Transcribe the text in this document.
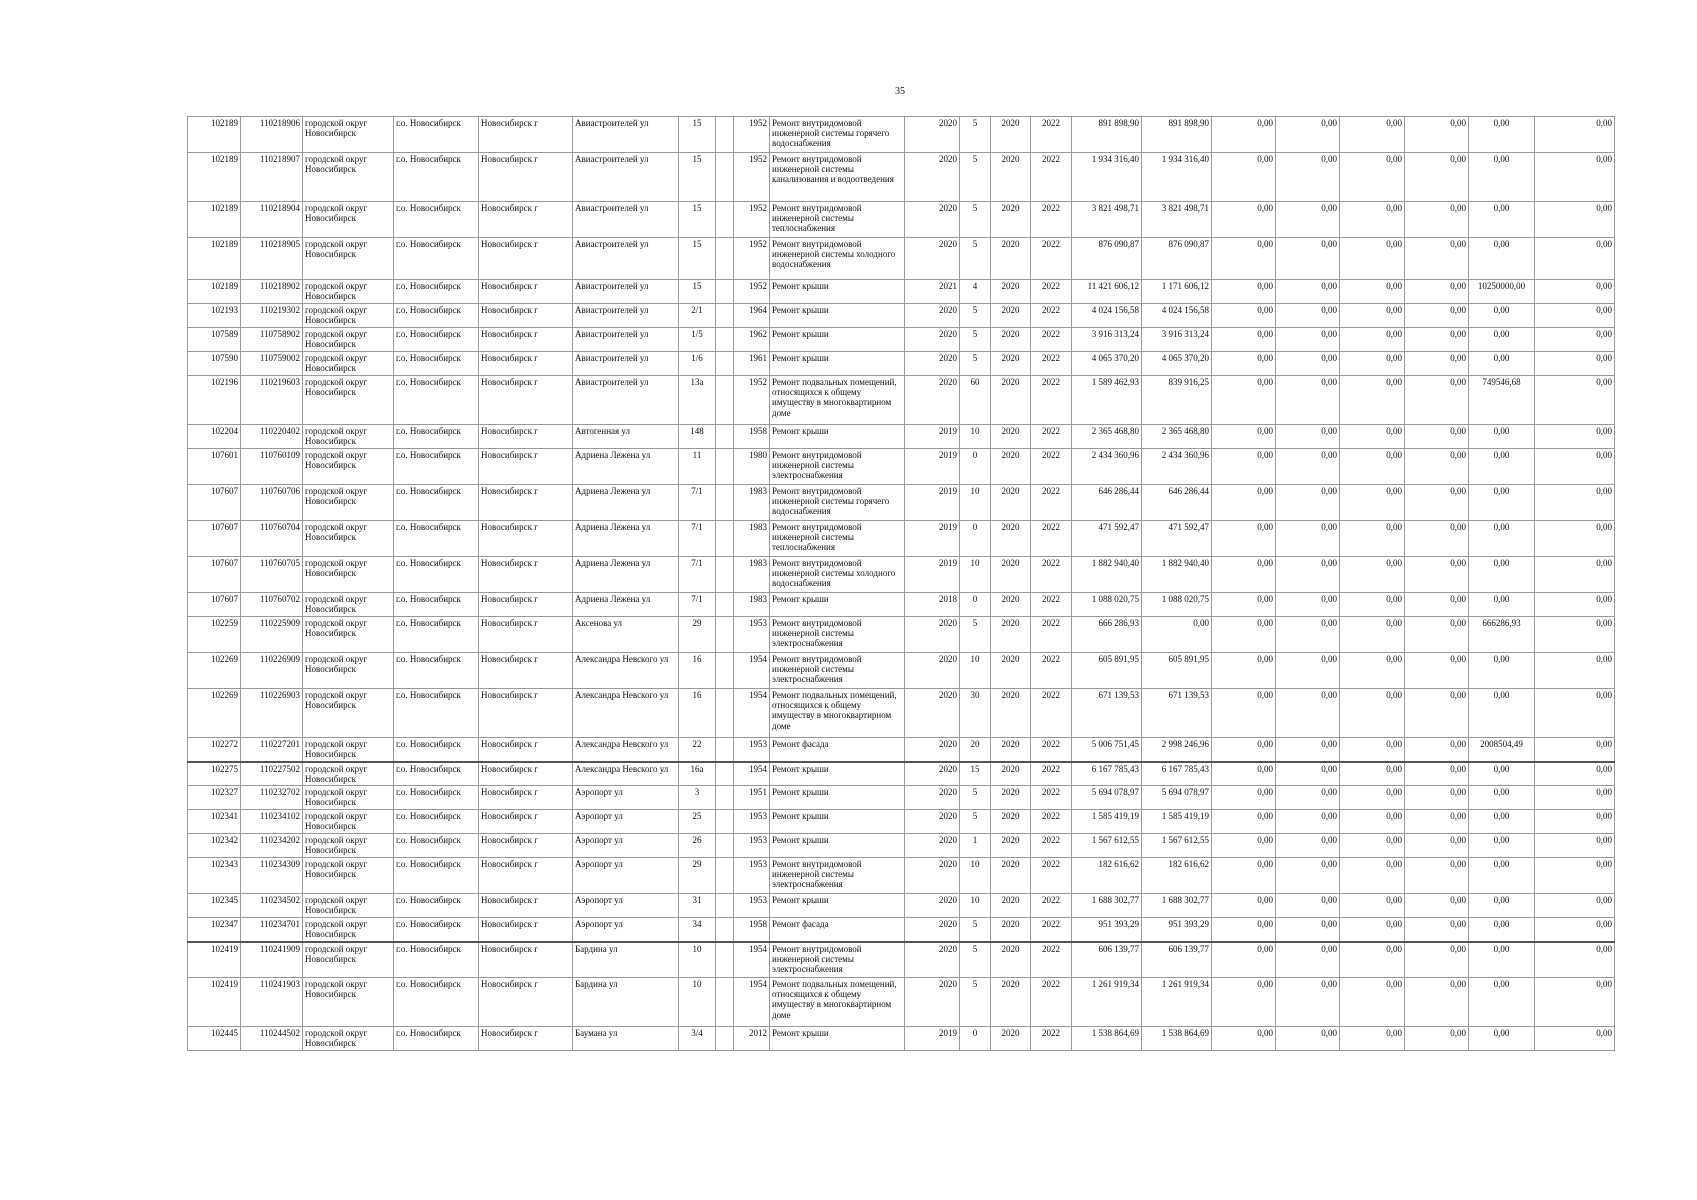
35
102189	110218906	городской округ Новосибирск	г.о. Новосибирск	Новосибирск г	Авиастроителей ул	15		1952	Ремонт внутридомовой инженерной системы горячего водоснабжения	2020	5	2020	2022	891 898,90	891 898,90	0,00	0,00	0,00	0,00	0,00	0,00
102189	110218907	городской округ Новосибирск	г.о. Новосибирск	Новосибирск г	Авиастроителей ул	15		1952	Ремонт внутридомовой инженерной системы канализования и водоотведения	2020	5	2020	2022	1 934 316,40	1 934 316,40	0,00	0,00	0,00	0,00	0,00	0,00
102189	110218904	городской округ Новосибирск	г.о. Новосибирск	Новосибирск г	Авиастроителей ул	15		1952	Ремонт внутридомовой инженерной системы теплоснабжения	2020	5	2020	2022	3 821 498,71	3 821 498,71	0,00	0,00	0,00	0,00	0,00	0,00
102189	110218905	городской округ Новосибирск	г.о. Новосибирск	Новосибирск г	Авиастроителей ул	15		1952	Ремонт внутридомовой инженерной системы холодного водоснабжения	2020	5	2020	2022	876 090,87	876 090,87	0,00	0,00	0,00	0,00	0,00	0,00
102189	110218902	городской округ Новосибирск	г.о. Новосибирск	Новосибирск г	Авиастроителей ул	15		1952	Ремонт крыши	2021	4	2020	2022	11 421 606,12	1 171 606,12	0,00	0,00	0,00	0,00	10250000,00	0,00
102193	110219302	городской округ Новосибирск	г.о. Новосибирск	Новосибирск г	Авиастроителей ул	2/1		1964	Ремонт крыши	2020	5	2020	2022	4 024 156,58	4 024 156,58	0,00	0,00	0,00	0,00	0,00	0,00
107589	110758902	городской округ Новосибирск	г.о. Новосибирск	Новосибирск г	Авиастроителей ул	1/5		1962	Ремонт крыши	2020	5	2020	2022	3 916 313,24	3 916 313,24	0,00	0,00	0,00	0,00	0,00	0,00
107590	110759002	городской округ Новосибирск	г.о. Новосибирск	Новосибирск г	Авиастроителей ул	1/6		1961	Ремонт крыши	2020	5	2020	2022	4 065 370,20	4 065 370,20	0,00	0,00	0,00	0,00	0,00	0,00
102196	110219603	городской округ Новосибирск	г.о. Новосибирск	Новосибирск г	Авиастроителей ул	13а		1952	Ремонт подвальных помещений, относящихся к общему имуществу в многоквартирном доме	2020	60	2020	2022	1 589 462,93	839 916,25	0,00	0,00	0,00	0,00	749546,68	0,00
102204	110220402	городской округ Новосибирск	г.о. Новосибирск	Новосибирск г	Автогенная ул	148		1958	Ремонт крыши	2019	10	2020	2022	2 365 468,80	2 365 468,80	0,00	0,00	0,00	0,00	0,00	0,00
107601	110760109	городской округ Новосибирск	г.о. Новосибирск	Новосибирск г	Адриена Лежена ул	11		1980	Ремонт внутридомовой инженерной системы электроснабжения	2019	0	2020	2022	2 434 360,96	2 434 360,96	0,00	0,00	0,00	0,00	0,00	0,00
107607	110760706	городской округ Новосибирск	г.о. Новосибирск	Новосибирск г	Адриена Лежена ул	7/1		1983	Ремонт внутридомовой инженерной системы горячего водоснабжения	2019	10	2020	2022	646 286,44	646 286,44	0,00	0,00	0,00	0,00	0,00	0,00
107607	110760704	городской округ Новосибирск	г.о. Новосибирск	Новосибирск г	Адриена Лежена ул	7/1		1983	Ремонт внутридомовой инженерной системы теплоснабжения	2019	0	2020	2022	471 592,47	471 592,47	0,00	0,00	0,00	0,00	0,00	0,00
107607	110760705	городской округ Новосибирск	г.о. Новосибирск	Новосибирск г	Адриена Лежена ул	7/1		1983	Ремонт внутридомовой инженерной системы холодного водоснабжения	2019	10	2020	2022	1 882 940,40	1 882 940,40	0,00	0,00	0,00	0,00	0,00	0,00
107607	110760702	городской округ Новосибирск	г.о. Новосибирск	Новосибирск г	Адриена Лежена ул	7/1		1983	Ремонт крыши	2018	0	2020	2022	1 088 020,75	1 088 020,75	0,00	0,00	0,00	0,00	0,00	0,00
102259	110225909	городской округ Новосибирск	г.о. Новосибирск	Новосибирск г	Аксенова ул	29		1953	Ремонт внутридомовой инженерной системы электроснабжения	2020	5	2020	2022	666 286,93	0,00	0,00	0,00	0,00	0,00	666286,93	0,00
102269	110226909	городской округ Новосибирск	г.о. Новосибирск	Новосибирск г	Александра Невского ул	16		1954	Ремонт внутридомовой инженерной системы электроснабжения	2020	10	2020	2022	605 891,95	605 891,95	0,00	0,00	0,00	0,00	0,00	0,00
102269	110226903	городской округ Новосибирск	г.о. Новосибирск	Новосибирск г	Александра Невского ул	16		1954	Ремонт подвальных помещений, относящихся к общему имуществу в многоквартирном доме	2020	30	2020	2022	671 139,53	671 139,53	0,00	0,00	0,00	0,00	0,00	0,00
102272	110227201	городской округ Новосибирск	г.о. Новосибирск	Новосибирск г	Александра Невского ул	22		1953	Ремонт фасада	2020	20	2020	2022	5 006 751,45	2 998 246,96	0,00	0,00	0,00	0,00	2008504,49	0,00
102275	110227502	городской округ Новосибирск	г.о. Новосибирск	Новосибирск г	Александра Невского ул	16а		1954	Ремонт крыши	2020	15	2020	2022	6 167 785,43	6 167 785,43	0,00	0,00	0,00	0,00	0,00	0,00
102327	110232702	городской округ Новосибирск	г.о. Новосибирск	Новосибирск г	Аэропорт ул	3		1951	Ремонт крыши	2020	5	2020	2022	5 694 078,97	5 694 078,97	0,00	0,00	0,00	0,00	0,00	0,00
102341	110234102	городской округ Новосибирск	г.о. Новосибирск	Новосибирск г	Аэропорт ул	25		1953	Ремонт крыши	2020	5	2020	2022	1 585 419,19	1 585 419,19	0,00	0,00	0,00	0,00	0,00	0,00
102342	110234202	городской округ Новосибирск	г.о. Новосибирск	Новосибирск г	Аэропорт ул	26		1953	Ремонт крыши	2020	1	2020	2022	1 567 612,55	1 567 612,55	0,00	0,00	0,00	0,00	0,00	0,00
102343	110234309	городской округ Новосибирск	г.о. Новосибирск	Новосибирск г	Аэропорт ул	29		1953	Ремонт внутридомовой инженерной системы электроснабжения	2020	10	2020	2022	182 616,62	182 616,62	0,00	0,00	0,00	0,00	0,00	0,00
102345	110234502	городской округ Новосибирск	г.о. Новосибирск	Новосибирск г	Аэропорт ул	31		1953	Ремонт крыши	2020	10	2020	2022	1 688 302,77	1 688 302,77	0,00	0,00	0,00	0,00	0,00	0,00
102347	110234701	городской округ Новосибирск	г.о. Новосибирск	Новосибирск г	Аэропорт ул	34		1958	Ремонт фасада	2020	5	2020	2022	951 393,29	951 393,29	0,00	0,00	0,00	0,00	0,00	0,00
102419	110241909	городской округ Новосибирск	г.о. Новосибирск	Новосибирск г	Бардина ул	10		1954	Ремонт внутридомовой инженерной системы электроснабжения	2020	5	2020	2022	606 139,77	606 139,77	0,00	0,00	0,00	0,00	0,00	0,00
102419	110241903	городской округ Новосибирск	г.о. Новосибирск	Новосибирск г	Бардина ул	10		1954	Ремонт подвальных помещений, относящихся к общему имуществу в многоквартирном доме	2020	5	2020	2022	1 261 919,34	1 261 919,34	0,00	0,00	0,00	0,00	0,00	0,00
102445	110244502	городской округ Новосибирск	г.о. Новосибирск	Новосибирск г	Баумана ул	3/4		2012	Ремонт крыши	2019	0	2020	2022	1 538 864,69	1 538 864,69	0,00	0,00	0,00	0,00	0,00	0,00
